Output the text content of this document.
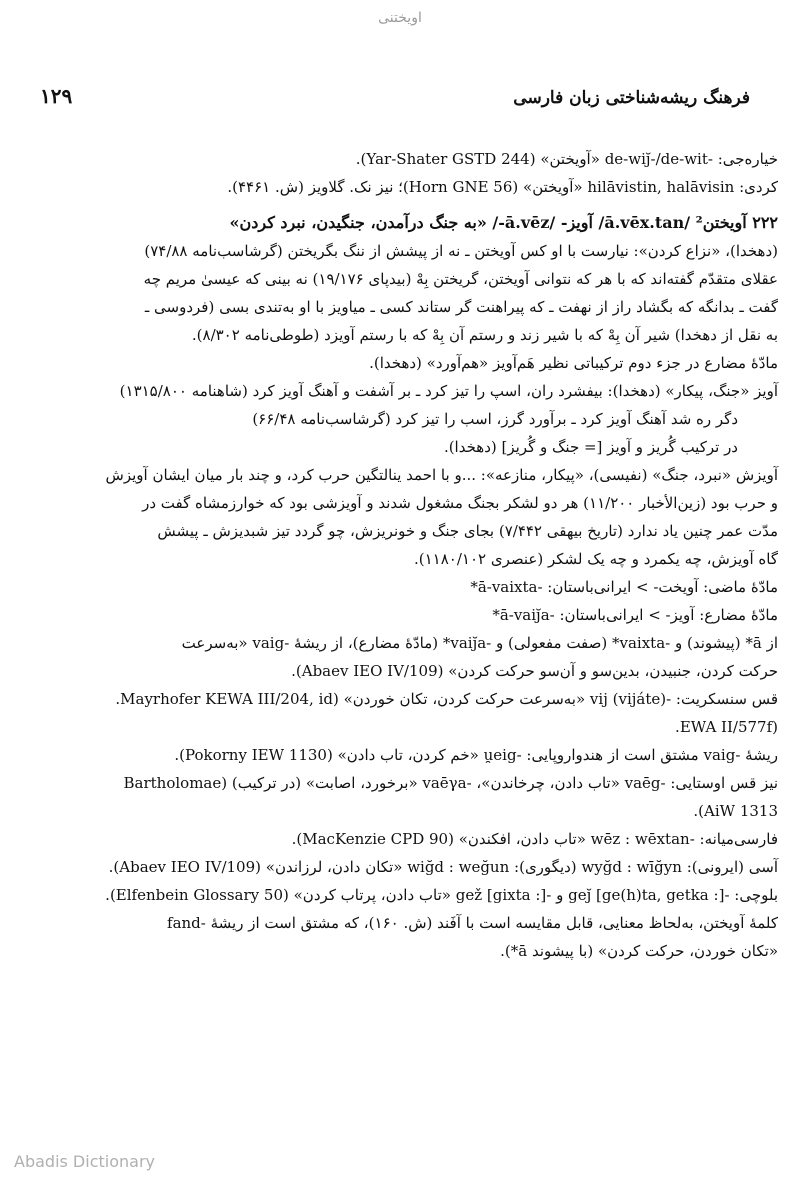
اویختنی
۱۲۹	فرهنگ ریشه‌شناختی زبان فارسی

خیاره‌جی: -de-wij̆-/de-wit «آویختن» (Yar-Shater GSTD 244).

کردی: hilāvistin, halāvisin «آویختن» (Horn GNE 56)؛ نیز نک. گلاویز (ش. ۴۴۶۱).

۲۲۲ آویختن² /ā.vēx.tan/ آویز- /ā.vēz-/ «به جنگ درآمدن، جنگیدن، نبرد کردن»

(دهخدا)، «نزاع کردن»: نیارست با او کس آویختن ـ نه از پیشش از ننگ بگریختن (گرشاسب‌نامه ۷۴/۸۸)

عقلای متقدّم گفته‌اند که با هر که نتوانی آویختن، گریختن بِهْ (بیدپای ۱۹/۱۷۶) نه بینی که عیسیٰ مریم چه

گفت ـ بدانگه که بگشاد راز از نهفت ـ که پیراهنت گر ستاند کسی ـ میاویز با او به‌تندی بسی (فردوسی ـ

به نقل از دهخدا) شیر آن بِهْ که با شیر زند و رستم آن بِهْ که با رستم آویزد (طوطی‌نامه ۸/۳۰۲).

مادّهٔ مضارع در جزء دوم ترکیباتی نظیر هَم‌آویز «هم‌آورد» (دهخدا).

آویز «جنگ، پیکار» (دهخدا): بیفشرد ران، اسپ را تیز کرد ـ بر آشفت و آهنگ آویز کرد (شاهنامه ۱۳۱۵/۸۰۰)

دگر ره شد آهنگ آویز کرد ـ برآورد گرز، اسب را تیز کرد (گرشاسب‌نامه ۶۶/۴۸)

در ترکیب گُریز و آویز [= جنگ و گُریز] (دهخدا).

آویزش «نبرد، جنگ» (نفیسی)، «پیکار، منازعه»: ...و با احمد ینالتگین حرب کرد، و چند بار میان ایشان آویزش

و حرب بود (زین‌الأخبار ۱۱/۲۰۰) هر دو لشکر بجنگ مشغول شدند و آویزشی بود که خوارزمشاه گفت در

مدّت عمر چنین یاد ندارد (تاریخ بیهقی ۷/۴۴۲) بجای جنگ و خونریزش، چو گردد تیز شبدیزش ـ پیشش

گاه آویزش، چه یکمرد و چه یک لشکر (عنصری ۱۱۸۰/۱۰۲).

مادّهٔ ماضی: آویخت- > ایرانی‌باستان: -ā-vaixta*

مادّهٔ مضارع: آویز- > ایرانی‌باستان: -ā-vaij̆a*

از ā* (پیشوند) و -vaixta* (صفت مفعولی) و -vaij̆a* (مادّهٔ مضارع)، از ریشهٔ -vaig «به‌سرعت

حرکت کردن، جنبیدن، بدین‌سو و آن‌سو حرکت کردن» (Abaev IEO IV/109).

قس سنسکریت: -vij (vijáte) «به‌سرعت حرکت کردن، تکان خوردن» (Mayrhofer KEWA III/204, id.

(EWA II/577f.

ریشهٔ -vaig مشتق است از هندواروپایی: -u̯eig «خم کردن، تاب دادن» (Pokorny IEW 1130).

نیز قس اوستایی: -vaēg «تاب دادن، چرخاندن»، -vaēγa «برخورد، اصابت» (در ترکیب) (Bartholomae

AiW 1313).

فارسی‌میانه: -wēz : wēxtan «تاب دادن، افکندن» (MacKenzie CPD 90).

آسی (ایرونی): wyğd : wīğyn (دیگوری): wiğd : weğun «تکان دادن، لرزاندن» (Abaev IEO IV/109).

بلوچی: -gej̆ [ge(h)ta, getka :] و -gež [gixta :] «تاب دادن، پرتاب کردن» (Elfenbein Glossary 50).

کلمهٔ آویختن، به‌لحاظ معنایی، قابل مقایسه است با آفَند (ش. ۱۶۰)، که مشتق است از ریشهٔ -fand

«تکان خوردن، حرکت کردن» (با پیشوند ā*).

Abadis Dictionary
